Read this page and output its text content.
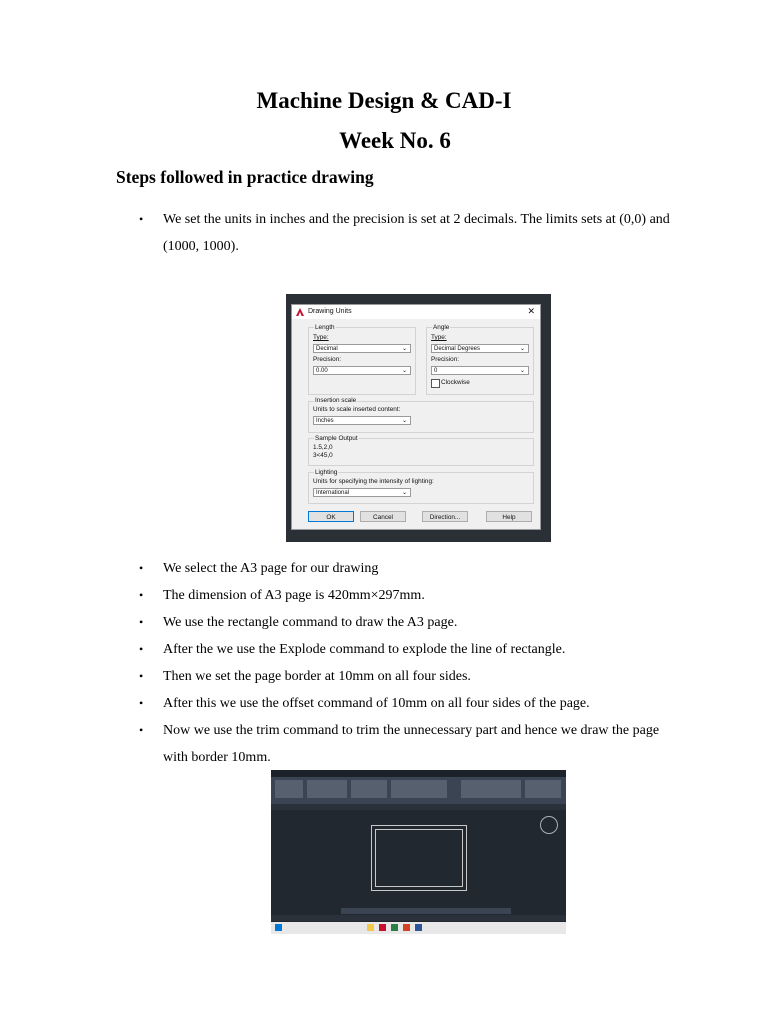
Machine Design & CAD-I
Week No. 6
Steps followed in practice drawing
• We set the units in inches and the precision is set at 2 decimals. The limits sets at (0,0) and (1000, 1000).
Drawing Units	✕
Length
Type:
Decimal	⌄
Precision:
0.00	⌄
Angle
Type:
Decimal Degrees	⌄
Precision:
0	⌄
Clockwise
Insertion scale
Units to scale inserted content:
Inches	⌄
Sample Output
1.5,2,0
3<45,0
Lighting
Units for specifying the intensity of lighting:
International	⌄
OK	Cancel	Direction...	Help
• We select the A3 page for our drawing
• The dimension of A3 page is 420mm×297mm.
• We use the rectangle command to draw the A3 page.
• After the we use the Explode command to explode the line of rectangle.
• Then we set the page border at 10mm on all four sides.
• After this we use the offset command of 10mm on all four sides of the page.
• Now we use the trim command to trim the unnecessary part and hence we draw the page with border 10mm.
